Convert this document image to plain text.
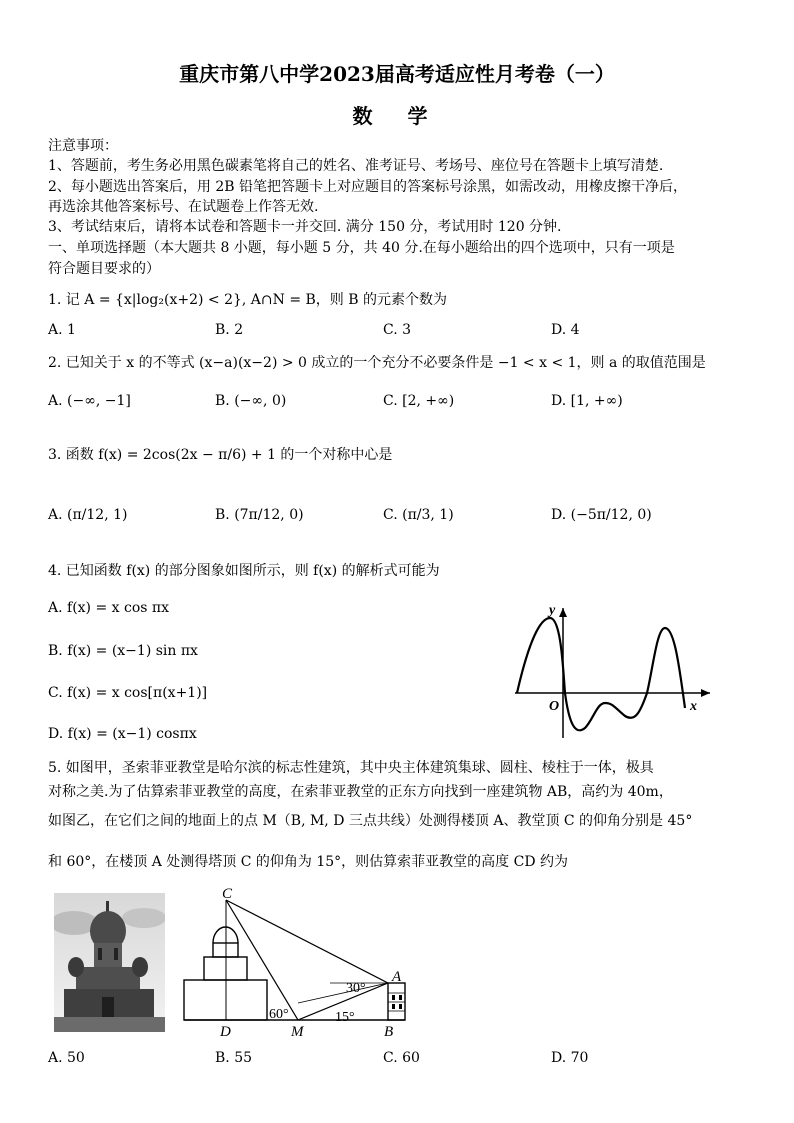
重庆市第八中学2023届高考适应性月考卷（一）
数 学
注意事项：
1、答题前，考生务必用黑色碳素笔将自己的姓名、准考证号、考场号、座位号在答题卡上填写清楚.
2、每小题选出答案后，用 2B 铅笔把答题卡上对应题目的答案标号涂黑，如需改动，用橡皮擦干净后，
再选涂其他答案标号、在试题卷上作答无效.
3、考试结束后，请将本试卷和答题卡一并交回. 满分 150 分，考试用时 120 分钟.
一、单项选择题（本大题共 8 小题，每小题 5 分，共 40 分.在每小题给出的四个选项中，只有一项是
符合题目要求的）
1. 记 A = {x|log₂(x+2) < 2}, A∩N = B，则 B 的元素个数为
A. 1	B. 2	C. 3	D. 4
2. 已知关于 x 的不等式 (x−a)(x−2) > 0 成立的一个充分不必要条件是 −1 < x < 1，则 a 的取值范围是
A. (−∞, −1]	B. (−∞, 0)	C. [2, +∞)	D. [1, +∞)
3. 函数 f(x) = 2cos(2x − π/6) + 1 的一个对称中心是
A. (π/12, 1)	B. (7π/12, 0)	C. (π/3, 1)	D. (−5π/12, 0)
4. 已知函数 f(x) 的部分图象如图所示，则 f(x) 的解析式可能为
A. f(x) = x cos πx
B. f(x) = (x−1) sin πx
C. f(x) = x cos[π(x+1)]
D. f(x) = (x−1) cosπx
y
x
O
5. 如图甲，圣索菲亚教堂是哈尔滨的标志性建筑，其中央主体建筑集球、圆柱、棱柱于一体，极具
对称之美.为了估算索菲亚教堂的高度，在索菲亚教堂的正东方向找到一座建筑物 AB，高约为 40m，
如图乙，在它们之间的地面上的点 M（B, M, D 三点共线）处测得楼顶 A、教堂顶 C 的仰角分别是 45°
和 60°，在楼顶 A 处测得塔顶 C 的仰角为 15°，则估算索菲亚教堂的高度 CD 约为
C
A
D	M	B
30°
60°	15°
A. 50	B. 55	C. 60	D. 70
